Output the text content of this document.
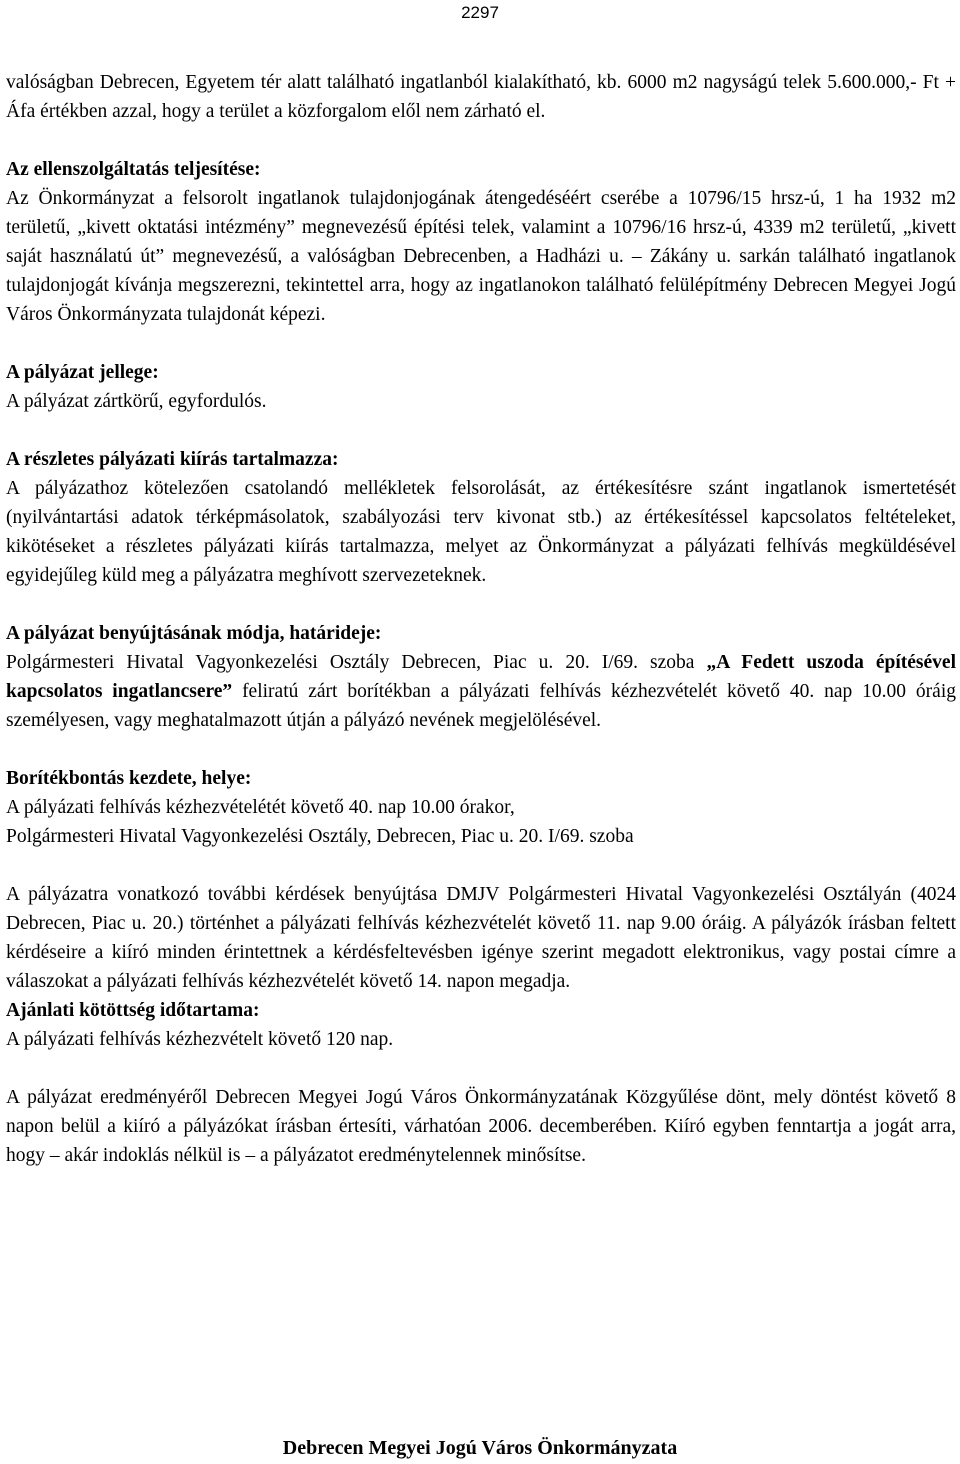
2297

valóságban Debrecen, Egyetem tér alatt található ingatlanból kialakítható, kb. 6000 m2 nagyságú telek 5.600.000,- Ft + Áfa értékben azzal, hogy a terület a közforgalom elől nem zárható el.

Az ellenszolgáltatás teljesítése:

Az Önkormányzat a felsorolt ingatlanok tulajdonjogának átengedéséért cserébe a 10796/15 hrsz-ú, 1 ha 1932 m2 területű, „kivett oktatási intézmény” megnevezésű építési telek, valamint a 10796/16 hrsz-ú, 4339 m2 területű, „kivett saját használatú út” megnevezésű, a valóságban Debrecenben, a Hadházi u. – Zákány u. sarkán található ingatlanok tulajdonjogát kívánja megszerezni, tekintettel arra, hogy az ingatlanokon található felülépítmény Debrecen Megyei Jogú Város Önkormányzata tulajdonát képezi.

A pályázat jellege:

A pályázat zártkörű, egyfordulós.

A részletes pályázati kiírás tartalmazza:

A pályázathoz kötelezően csatolandó mellékletek felsorolását, az értékesítésre szánt ingatlanok ismertetését (nyilvántartási adatok térképmásolatok, szabályozási terv kivonat stb.) az értékesítéssel kapcsolatos feltételeket, kikötéseket a részletes pályázati kiírás tartalmazza, melyet az Önkormányzat a pályázati felhívás megküldésével egyidejűleg küld meg a pályázatra meghívott szervezeteknek.

A pályázat benyújtásának módja, határideje:

Polgármesteri Hivatal Vagyonkezelési Osztály Debrecen, Piac u. 20. I/69. szoba „A Fedett uszoda építésével kapcsolatos ingatlancsere” feliratú zárt borítékban a pályázati felhívás kézhezvételét követő 40. nap 10.00 óráig személyesen, vagy meghatalmazott útján a pályázó nevének megjelölésével.

Borítékbontás kezdete, helye:
A pályázati felhívás kézhezvételétét követő 40. nap 10.00 órakor,
Polgármesteri Hivatal Vagyonkezelési Osztály, Debrecen, Piac u. 20. I/69. szoba

A pályázatra vonatkozó további kérdések benyújtása DMJV Polgármesteri Hivatal Vagyonkezelési Osztályán (4024 Debrecen, Piac u. 20.) történhet a pályázati felhívás kézhezvételét követő 11. nap 9.00 óráig. A pályázók írásban feltett kérdéseire a kiíró minden érintettnek a kérdésfeltevésben igénye szerint megadott elektronikus, vagy postai címre a válaszokat a pályázati felhívás kézhezvételét követő 14. napon megadja.

Ajánlati kötöttség időtartama:

A pályázati felhívás kézhezvételt követő 120 nap.

A pályázat eredményéről Debrecen Megyei Jogú Város Önkormányzatának Közgyűlése dönt, mely döntést követő 8 napon belül a kiíró a pályázókat írásban értesíti, várhatóan 2006. decemberében. Kiíró egyben fenntartja a jogát arra, hogy – akár indoklás nélkül is – a pályázatot eredménytelennek minősítse.

Debrecen Megyei Jogú Város Önkormányzata
